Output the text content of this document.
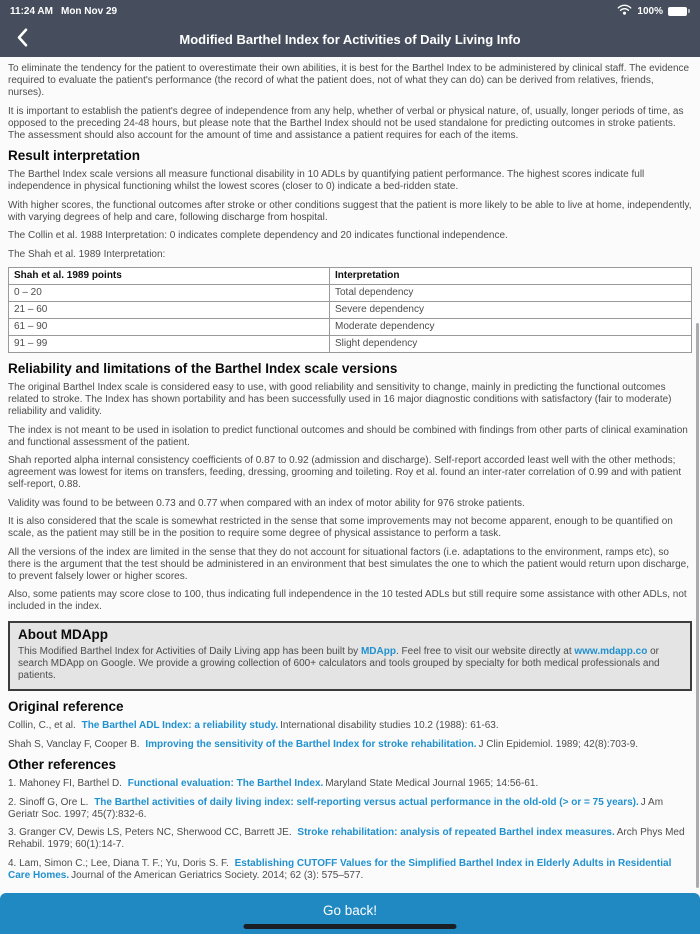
11:24 AM Mon Nov 29	100%
Modified Barthel Index for Activities of Daily Living Info

To eliminate the tendency for the patient to overestimate their own abilities, it is best for the Barthel Index to be administered by clinical staff. The evidence required to evaluate the patient's performance (the record of what the patient does, not of what they can do) can be derived from relatives, friends, nurses).

It is important to establish the patient's degree of independence from any help, whether of verbal or physical nature, of, usually, longer periods of time, as opposed to the preceding 24-48 hours, but please note that the Barthel Index should not be used standalone for predicting outcomes in stroke patients. The assessment should also account for the amount of time and assistance a patient requires for each of the items.

Result interpretation

The Barthel Index scale versions all measure functional disability in 10 ADLs by quantifying patient performance. The highest scores indicate full independence in physical functioning whilst the lowest scores (closer to 0) indicate a bed-ridden state.

With higher scores, the functional outcomes after stroke or other conditions suggest that the patient is more likely to be able to live at home, independently, with varying degrees of help and care, following discharge from hospital.

The Collin et al. 1988 Interpretation: 0 indicates complete dependency and 20 indicates functional independence.

The Shah et al. 1989 Interpretation:

Shah et al. 1989 points	Interpretation
0 – 20	Total dependency
21 – 60	Severe dependency
61 – 90	Moderate dependency
91 – 99	Slight dependency
Reliability and limitations of the Barthel Index scale versions

The original Barthel Index scale is considered easy to use, with good reliability and sensitivity to change, mainly in predicting the functional outcomes related to stroke. The Index has shown portability and has been successfully used in 16 major diagnostic conditions with satisfactory (fair to moderate) reliability and validity.

The index is not meant to be used in isolation to predict functional outcomes and should be combined with findings from other parts of clinical examination and functional assessment of the patient.

Shah reported alpha internal consistency coefficients of 0.87 to 0.92 (admission and discharge). Self-report accorded least well with the other methods; agreement was lowest for items on transfers, feeding, dressing, grooming and toileting. Roy et al. found an inter-rater correlation of 0.99 and with patient self-report, 0.88.

Validity was found to be between 0.73 and 0.77 when compared with an index of motor ability for 976 stroke patients.

It is also considered that the scale is somewhat restricted in the sense that some improvements may not become apparent, enough to be quantified on scale, as the patient may still be in the position to require some degree of physical assistance to perform a task.

All the versions of the index are limited in the sense that they do not account for situational factors (i.e. adaptations to the environment, ramps etc), so there is the argument that the test should be administered in an environment that best simulates the one to which the patient would return upon discharge, to prevent falsely lower or higher scores.

Also, some patients may score close to 100, thus indicating full independence in the 10 tested ADLs but still require some assistance with other ADLs, not included in the index.

About MDApp

This Modified Barthel Index for Activities of Daily Living app has been built by MDApp. Feel free to visit our website directly at www.mdapp.co or search MDApp on Google. We provide a growing collection of 600+ calculators and tools grouped by specialty for both medical professionals and patients.

Original reference

Collin, C., et al. The Barthel ADL Index: a reliability study. International disability studies 10.2 (1988): 61-63.

Shah S, Vanclay F, Cooper B. Improving the sensitivity of the Barthel Index for stroke rehabilitation. J Clin Epidemiol. 1989; 42(8):703-9.

Other references

1. Mahoney FI, Barthel D. Functional evaluation: The Barthel Index. Maryland State Medical Journal 1965; 14:56-61.

2. Sinoff G, Ore L. The Barthel activities of daily living index: self-reporting versus actual performance in the old-old (> or = 75 years). J Am Geriatr Soc. 1997; 45(7):832-6.

3. Granger CV, Dewis LS, Peters NC, Sherwood CC, Barrett JE. Stroke rehabilitation: analysis of repeated Barthel index measures. Arch Phys Med Rehabil. 1979; 60(1):14-7.

4. Lam, Simon C.; Lee, Diana T. F.; Yu, Doris S. F. Establishing CUTOFF Values for the Simplified Barthel Index in Elderly Adults in Residential Care Homes. Journal of the American Geriatrics Society. 2014; 62 (3): 575–577.

Go back!
